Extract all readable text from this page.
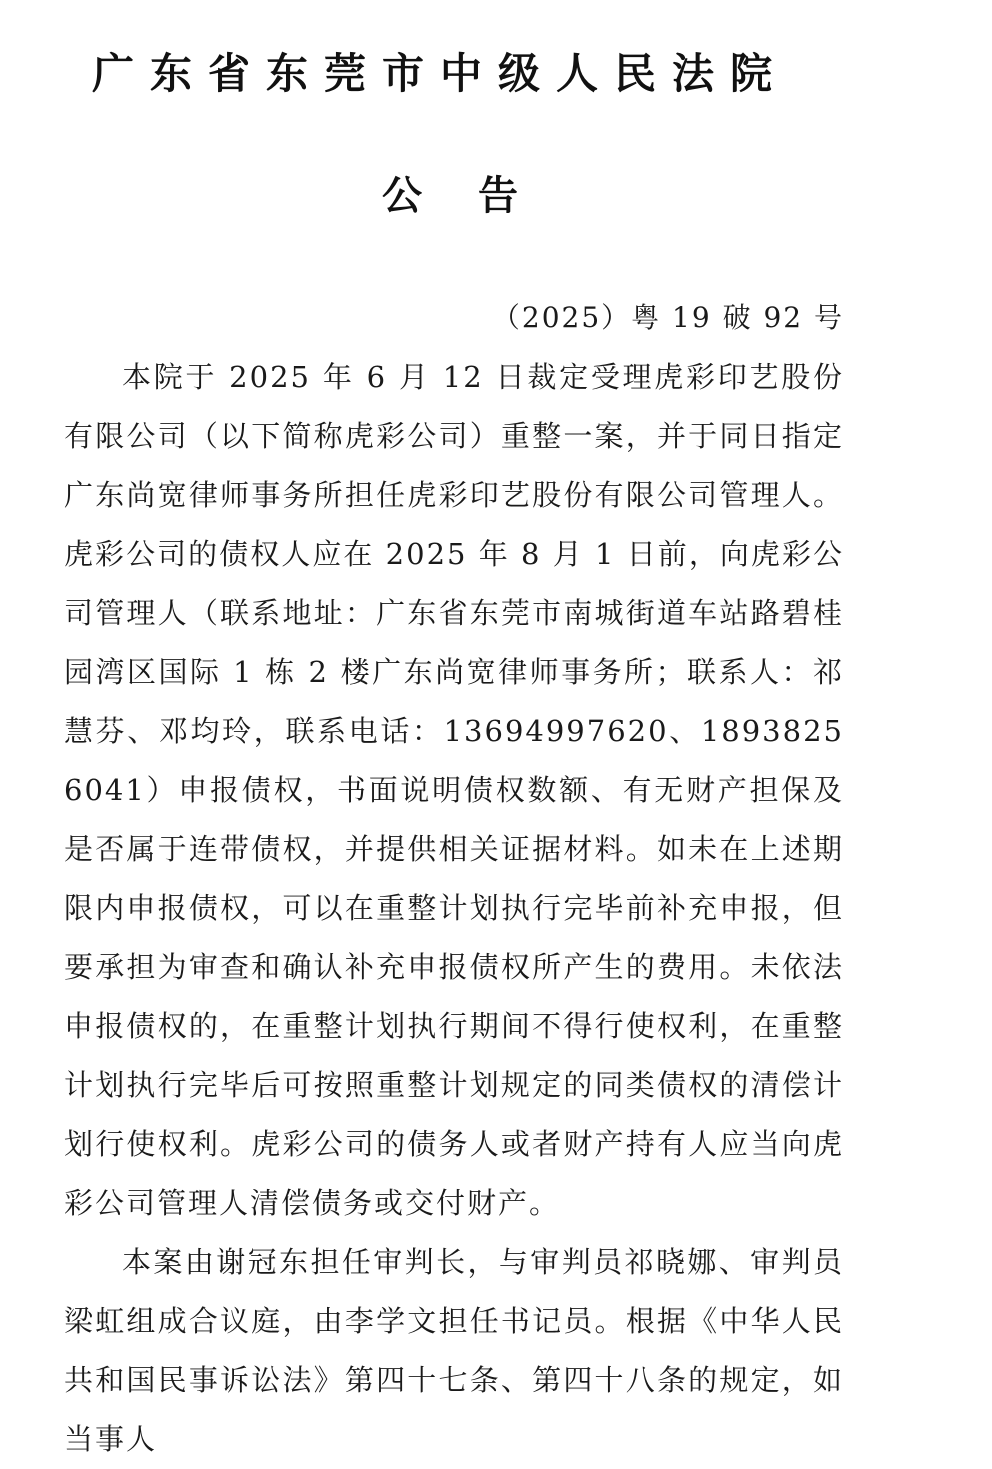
广东省东莞市中级人民法院
公告
（2025）粤 19 破 92 号

本院于 2025 年 6 月 12 日裁定受理虎彩印艺股份有限公司（以下简称虎彩公司）重整一案，并于同日指定广东尚宽律师事务所担任虎彩印艺股份有限公司管理人。虎彩公司的债权人应在 2025 年 8 月 1 日前，向虎彩公司管理人（联系地址：广东省东莞市南城街道车站路碧桂园湾区国际 1 栋 2 楼广东尚宽律师事务所；联系人：祁慧芬、邓均玲，联系电话：13694997620、18938256041）申报债权，书面说明债权数额、有无财产担保及是否属于连带债权，并提供相关证据材料。如未在上述期限内申报债权，可以在重整计划执行完毕前补充申报，但要承担为审查和确认补充申报债权所产生的费用。未依法申报债权的，在重整计划执行期间不得行使权利，在重整计划执行完毕后可按照重整计划规定的同类债权的清偿计划行使权利。虎彩公司的债务人或者财产持有人应当向虎彩公司管理人清偿债务或交付财产。

本案由谢冠东担任审判长，与审判员祁晓娜、审判员梁虹组成合议庭，由李学文担任书记员。根据《中华人民共和国民事诉讼法》第四十七条、第四十八条的规定，如当事人
